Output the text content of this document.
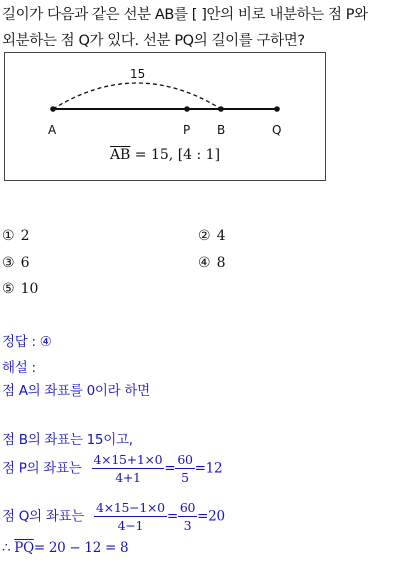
길이가 다음과 같은 선분 AB를 [ ]안의 비로 내분하는 점 P와
외분하는 점 Q가 있다. 선분 PQ의 길이를 구하면?
15
A	P B	Q
$\overline{AB} = 15$, [4 : 1]
① 2	② 4
③ 6	④ 8
⑤ 10
정답 : ④
해설 :
점 A의 좌표를 0이라 하면
점 B의 좌표는 15이고,
점 P의 좌표는 $\frac{4\times 15+1\times 0}{4+1} = \frac{60}{5} =12$
점 Q의 좌표는 $\frac{4\times 15-1\times 0}{4-1} = \frac{60}{3} =20$
∴ $\overline{PQ}= 20 - 12 = 8$
